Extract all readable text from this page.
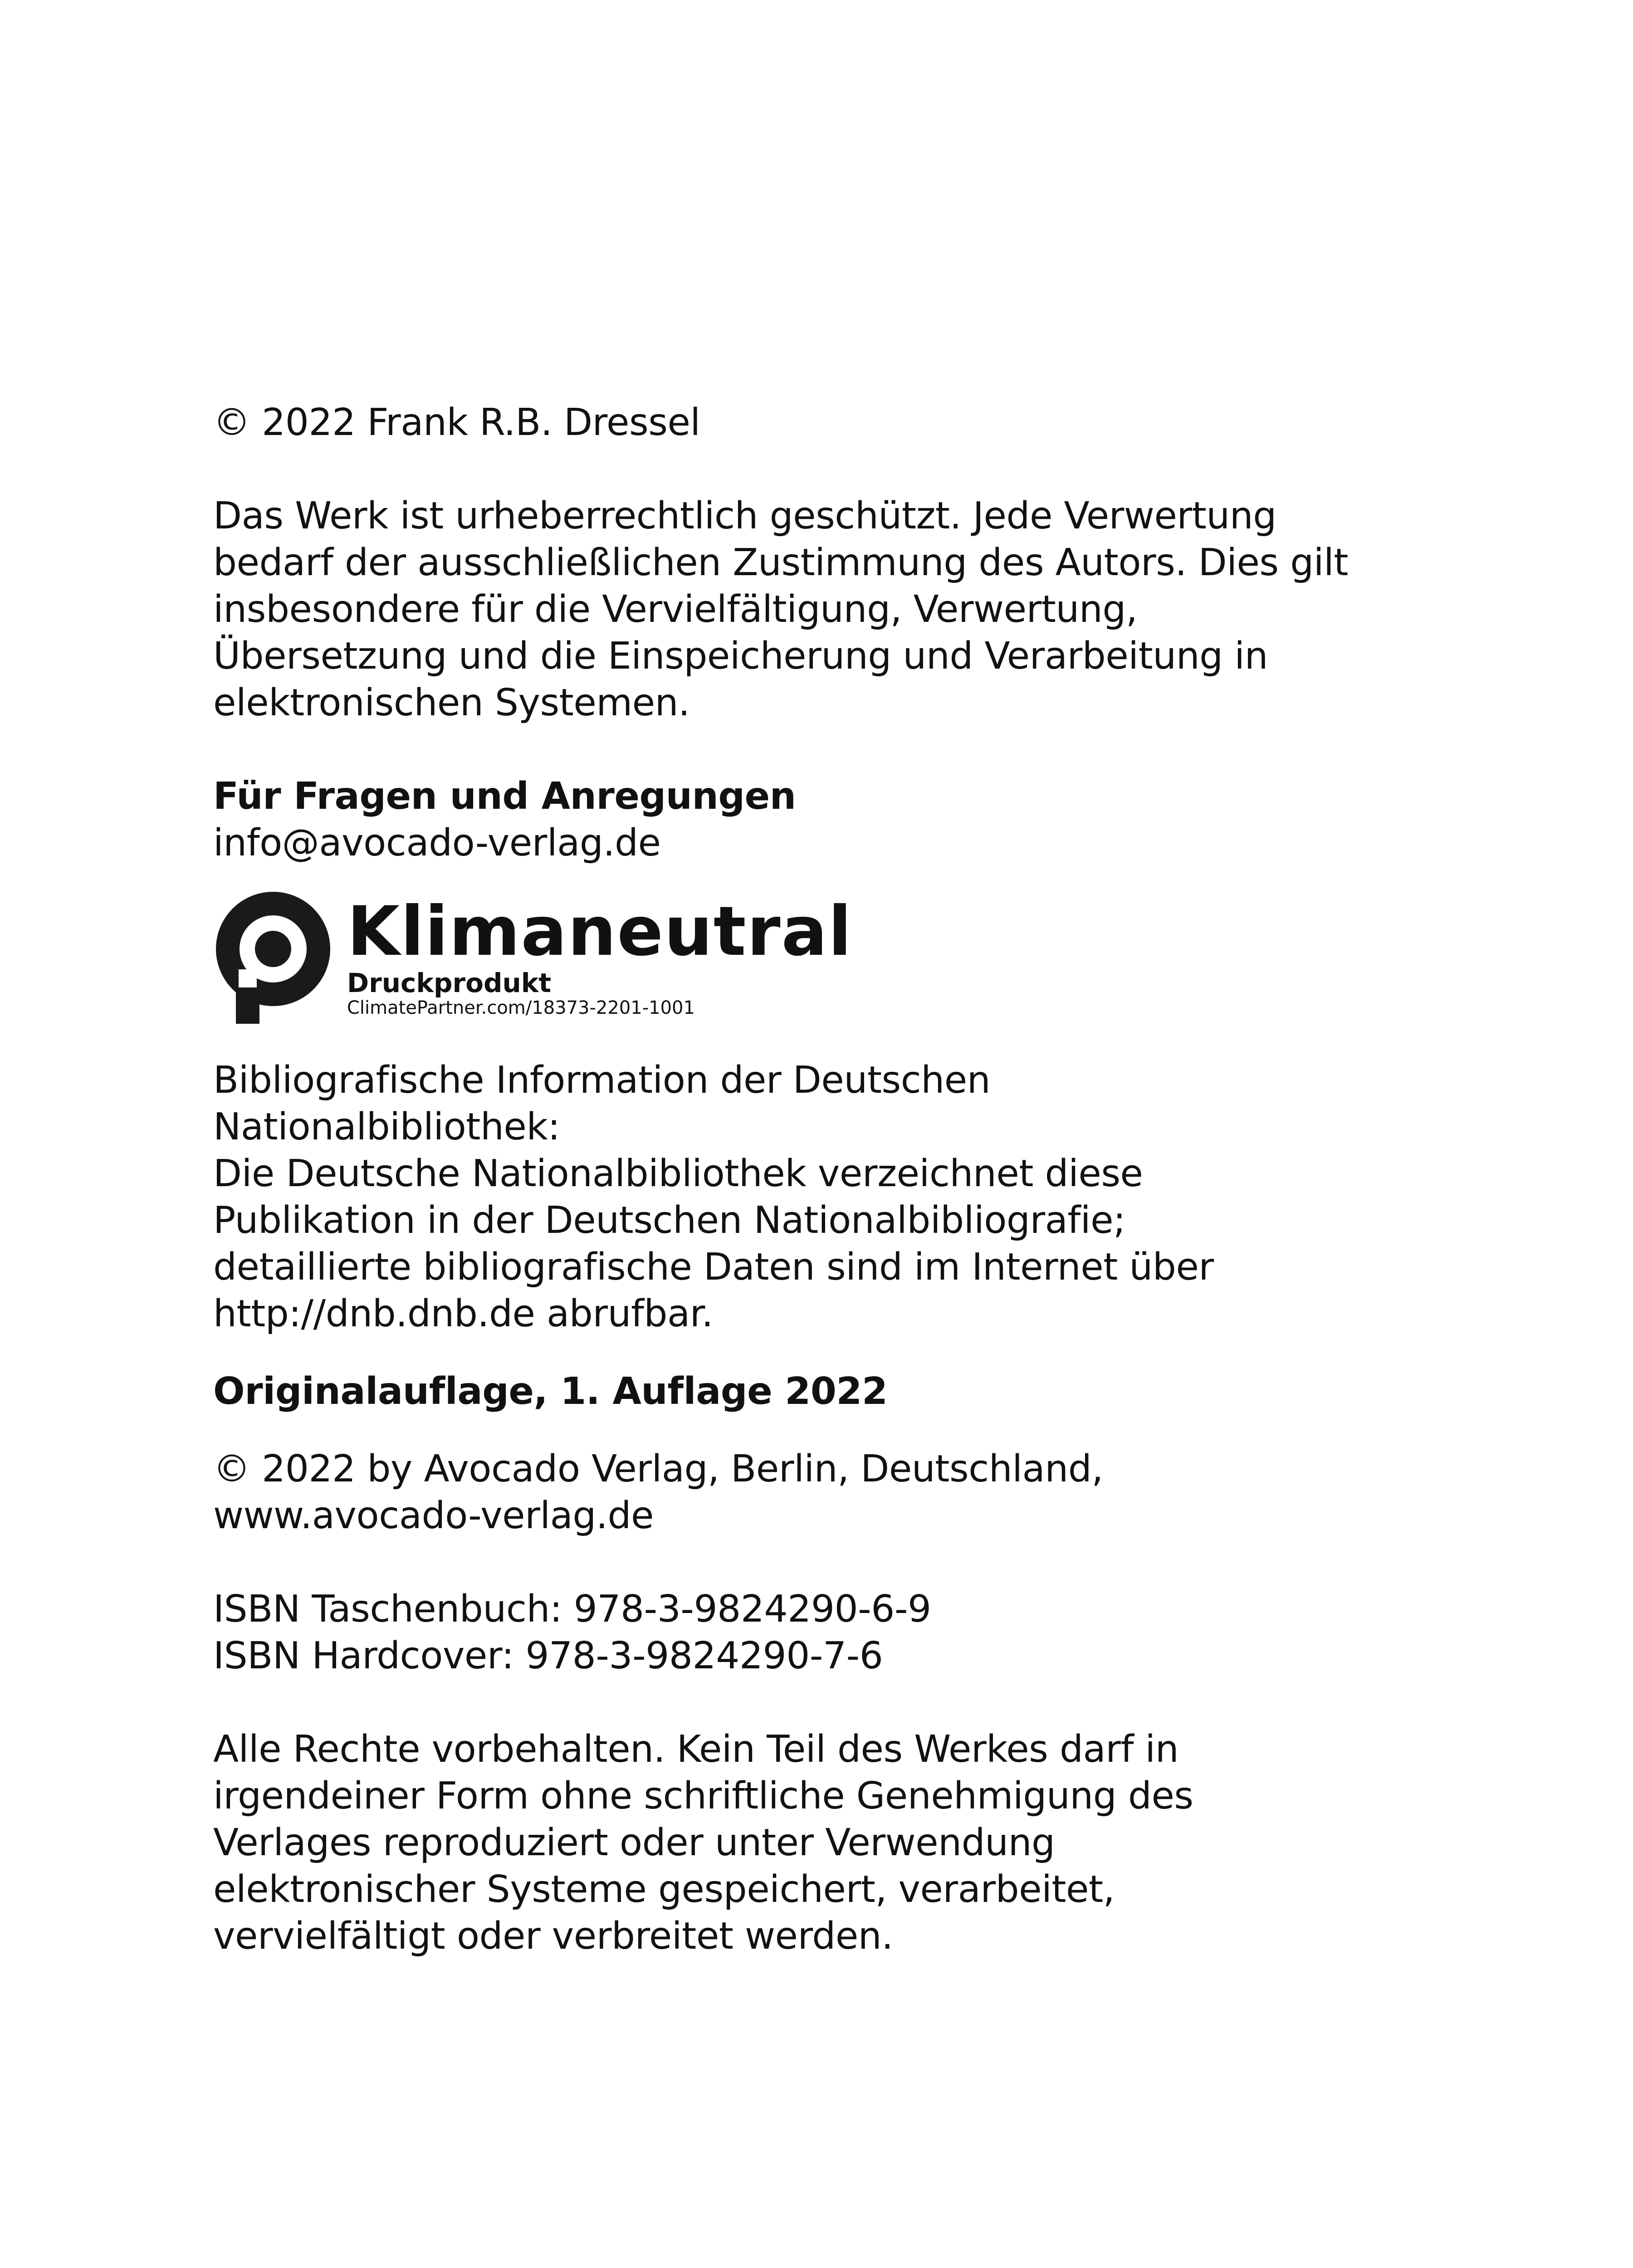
© 2022 Frank R.B. Dressel
Das Werk ist urheberrechtlich geschützt. Jede Verwertung
bedarf der ausschließlichen Zustimmung des Autors. Dies gilt
insbesondere für die Vervielfältigung, Verwertung,
Übersetzung und die Einspeicherung und Verarbeitung in
elektronischen Systemen.
Für Fragen und Anregungen
info@avocado-verlag.de
Klimaneutral
Druckprodukt
ClimatePartner.com/18373-2201-1001
Bibliografische Information der Deutschen
Nationalbibliothek:
Die Deutsche Nationalbibliothek verzeichnet diese
Publikation in der Deutschen Nationalbibliografie;
detaillierte bibliografische Daten sind im Internet über
http://dnb.dnb.de abrufbar.
Originalauflage, 1. Auflage 2022
© 2022 by Avocado Verlag, Berlin, Deutschland,
www.avocado-verlag.de
ISBN Taschenbuch: 978-3-9824290-6-9
ISBN Hardcover: 978-3-9824290-7-6
Alle Rechte vorbehalten. Kein Teil des Werkes darf in
irgendeiner Form ohne schriftliche Genehmigung des
Verlages reproduziert oder unter Verwendung
elektronischer Systeme gespeichert, verarbeitet,
vervielfältigt oder verbreitet werden.
